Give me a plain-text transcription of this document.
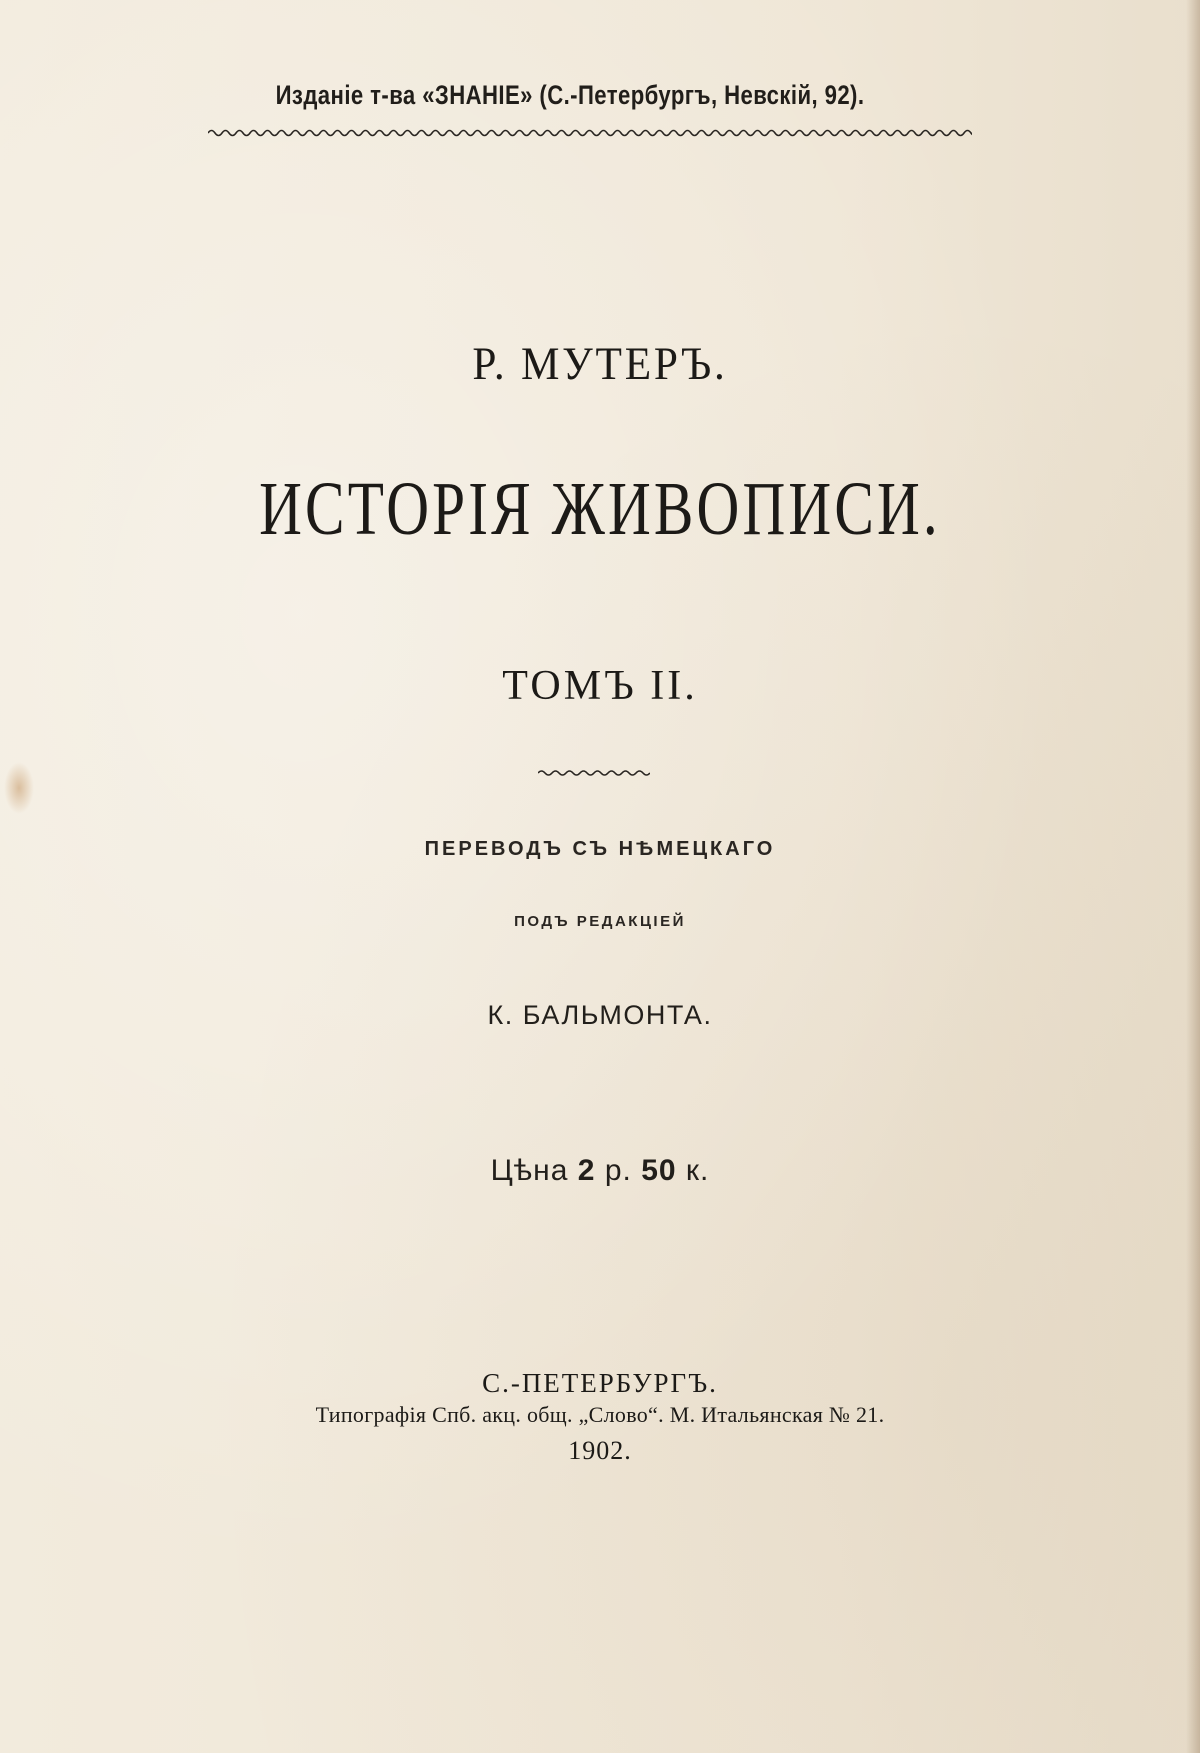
Изданіе т-ва «ЗНАНІЕ» (С.-Петербургъ, Невскій, 92).
Р. МУТЕРЪ.
ИСТОРІЯ ЖИВОПИСИ.
ТОМЪ II.
ПЕРЕВОДЪ СЪ НѢМЕЦКАГО
ПОДЪ РЕДАКЦІЕЙ
К. БАЛЬМОНТА.
Цѣна 2 р. 50 к.
С.-ПЕТЕРБУРГЪ.
Типографія Спб. акц. общ. „Слово“. М. Итальянская № 21.
1902.
